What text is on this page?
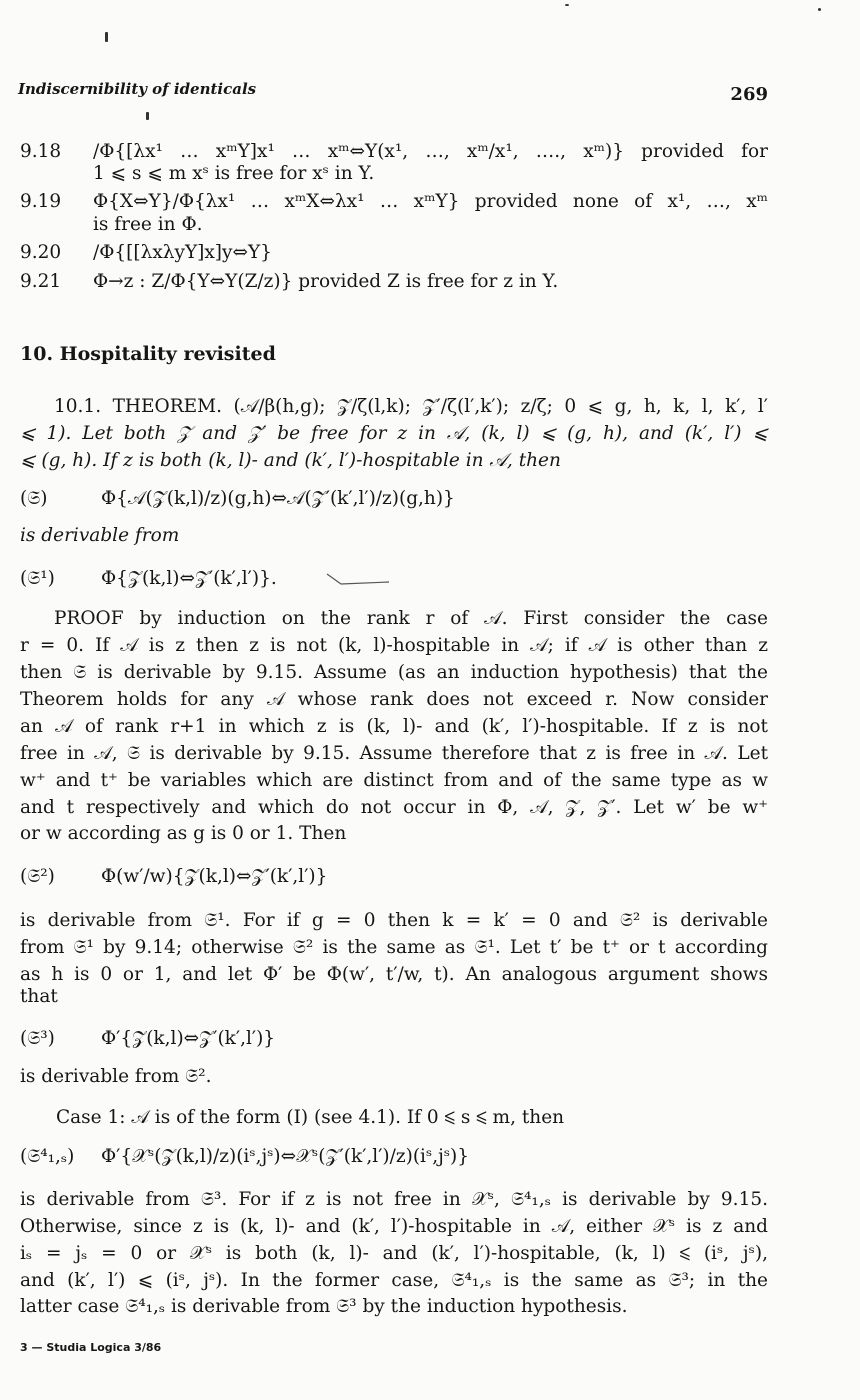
Indiscernibility of identicals	269
9.18 /Φ{[λx¹ … xᵐY]x¹ … xᵐ⇔Y(x¹, …, xᵐ/x¹, …., xᵐ)} provided for
1 ⩽ s ⩽ m xˢ is free for xˢ in Y.
9.19 Φ{X⇔Y}/Φ{λx¹ … xᵐX⇔λx¹ … xᵐY} provided none of x¹, …, xᵐ
is free in Φ.
9.20 /Φ{[[λxλyY]x]y⇔Y}
9.21 Φ→z : Z/Φ{Y⇔Y(Z/z)} provided Z is free for z in Y.
10. Hospitality revisited
10.1. THEOREM. (𝒜/β(h,g); 𝒵/ζ(l,k); 𝒵′/ζ(l′,k′); z/ζ; 0 ⩽ g, h, k, l, k′, l′
⩽ 1). Let both 𝒵 and 𝒵′ be free for z in 𝒜, (k, l) ⩽ (g, h), and (k′, l′) ⩽
⩽ (g, h). If z is both (k, l)- and (k′, l′)-hospitable in 𝒜, then
(𝔖)	Φ{𝒜(𝒵(k,l)/z)(g,h)⇔𝒜(𝒵′(k′,l′)/z)(g,h)}
is derivable from
(𝔖¹) Φ{𝒵(k,l)⇔𝒵′(k′,l′)}.
PROOF by induction on the rank r of 𝒜. First consider the case
r = 0. If 𝒜 is z then z is not (k, l)-hospitable in 𝒜; if 𝒜 is other than z
then 𝔖 is derivable by 9.15. Assume (as an induction hypothesis) that the
Theorem holds for any 𝒜 whose rank does not exceed r. Now consider
an 𝒜 of rank r+1 in which z is (k, l)- and (k′, l′)-hospitable. If z is not
free in 𝒜, 𝔖 is derivable by 9.15. Assume therefore that z is free in 𝒜. Let
w⁺ and t⁺ be variables which are distinct from and of the same type as w
and t respectively and which do not occur in Φ, 𝒜, 𝒵, 𝒵′. Let w′ be w⁺
or w according as g is 0 or 1. Then
(𝔖²) Φ(w′/w){𝒵(k,l)⇔𝒵′(k′,l′)}
is derivable from 𝔖¹. For if g = 0 then k = k′ = 0 and 𝔖² is derivable
from 𝔖¹ by 9.14; otherwise 𝔖² is the same as 𝔖¹. Let t′ be t⁺ or t according
as h is 0 or 1, and let Φ′ be Φ(w′, t′/w, t). An analogous argument shows
that
(𝔖³) Φ′{𝒵(k,l)⇔𝒵′(k′,l′)}
is derivable from 𝔖².
Case 1: 𝒜 is of the form (I) (see 4.1). If 0 ⩽ s ⩽ m, then
(𝔖⁴₁,ₛ) Φ′{𝒳ˢ(𝒵(k,l)/z)(iˢ,jˢ)⇔𝒳ˢ(𝒵′(k′,l′)/z)(iˢ,jˢ)}
is derivable from 𝔖³. For if z is not free in 𝒳ˢ, 𝔖⁴₁,ₛ is derivable by 9.15.
Otherwise, since z is (k, l)- and (k′, l′)-hospitable in 𝒜, either 𝒳ˢ is z and
iₛ = jₛ = 0 or 𝒳ˢ is both (k, l)- and (k′, l′)-hospitable, (k, l) ⩽ (iˢ, jˢ),
and (k′, l′) ⩽ (iˢ, jˢ). In the former case, 𝔖⁴₁,ₛ is the same as 𝔖³; in the
latter case 𝔖⁴₁,ₛ is derivable from 𝔖³ by the induction hypothesis.
3 — Studia Logica 3/86
